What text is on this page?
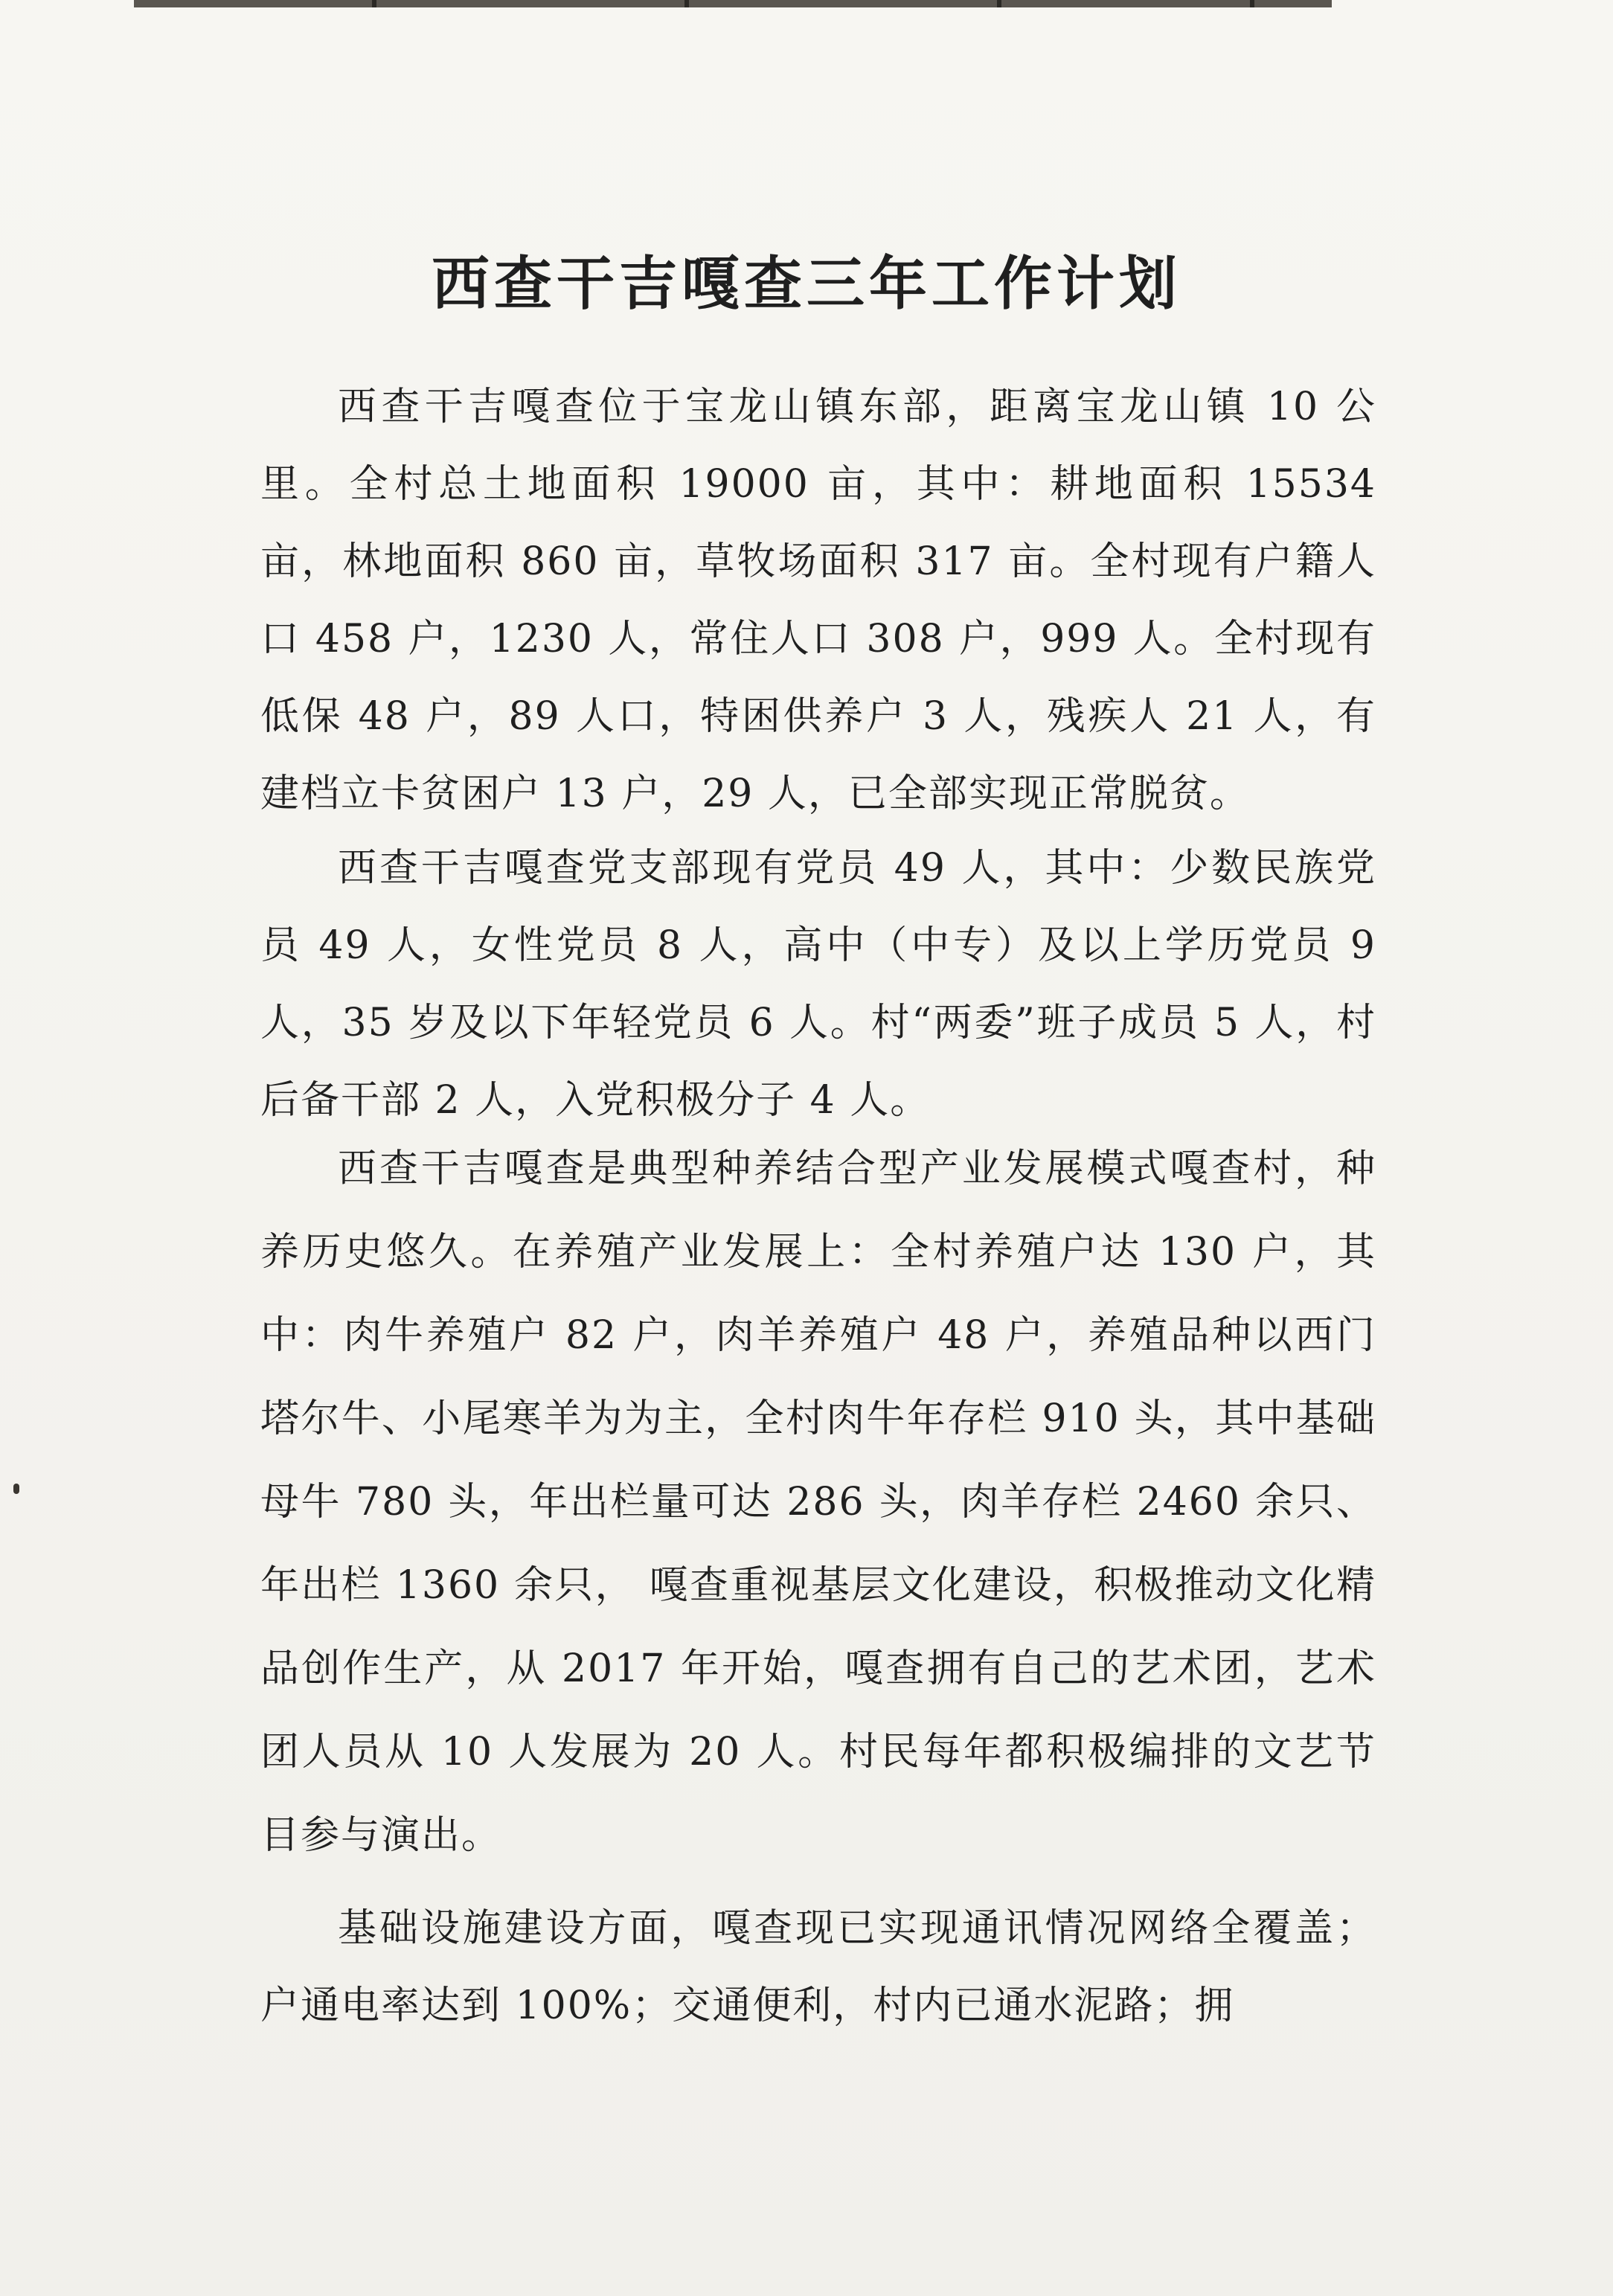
西查干吉嘎查三年工作计划

西查干吉嘎查位于宝龙山镇东部，距离宝龙山镇 10 公里。全村总土地面积 19000 亩，其中：耕地面积 15534 亩，林地面积 860 亩，草牧场面积 317 亩。全村现有户籍人口 458 户，1230 人，常住人口 308 户，999 人。全村现有低保 48 户，89 人口，特困供养户 3 人，残疾人 21 人，有建档立卡贫困户 13 户，29 人，已全部实现正常脱贫。

西查干吉嘎查党支部现有党员 49 人，其中：少数民族党员 49 人，女性党员 8 人，高中（中专）及以上学历党员 9 人，35 岁及以下年轻党员 6 人。村“两委”班子成员 5 人，村后备干部 2 人，入党积极分子 4 人。

西查干吉嘎查是典型种养结合型产业发展模式嘎查村，种养历史悠久。在养殖产业发展上：全村养殖户达 130 户，其中：肉牛养殖户 82 户，肉羊养殖户 48 户，养殖品种以西门塔尔牛、小尾寒羊为为主，全村肉牛年存栏 910 头，其中基础母牛 780 头，年出栏量可达 286 头，肉羊存栏 2460 余只、年出栏 1360 余只， 嘎查重视基层文化建设，积极推动文化精品创作生产，从 2017 年开始，嘎查拥有自己的艺术团，艺术团人员从 10 人发展为 20 人。村民每年都积极编排的文艺节目参与演出。

基础设施建设方面，嘎查现已实现通讯情况网络全覆盖；户通电率达到 100%；交通便利，村内已通水泥路；拥
